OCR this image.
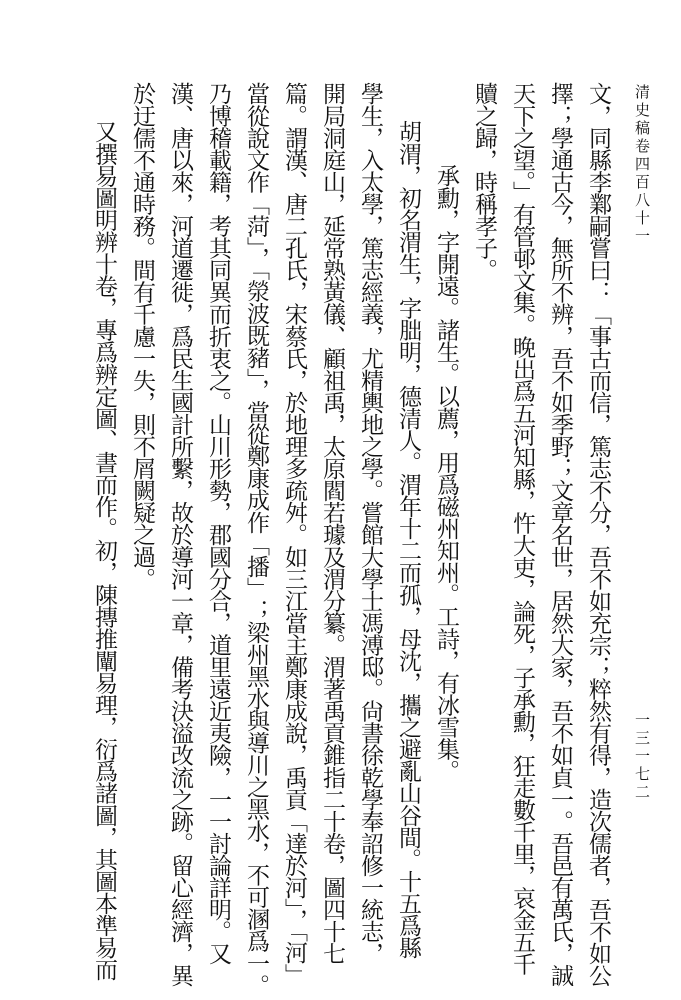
清史稿卷四百八十一
一三一七二
文，同縣李鄴嗣嘗曰：「事古而信，篤志不分，吾不如充宗；粹然有得，造次儒者，吾不如公
擇；學通古今，無所不辨，吾不如季野；文章名世，居然大家，吾不如貞一。吾邑有萬氏，誠
天下之望。」有管邨文集。晚出爲五河知縣，忤大吏，論死，子承勳，狂走數千里，哀金五千
贖之歸，時稱孝子。
承勳，字開遠。諸生。以薦，用爲磁州知州。工詩，有冰雪集。
胡渭，初名渭生，字朏明，德清人。渭年十二而孤，母沈，攜之避亂山谷間。十五爲縣
學生，入太學，篤志經義，尤精輿地之學。嘗館大學士馮溥邸。尙書徐乾學奉詔修一統志，
開局洞庭山，延常熟黃儀、顧祖禹，太原閻若璩及渭分纂。渭著禹貢錐指二十卷，圖四十七
篇。謂漢、唐二孔氏，宋蔡氏，於地理多疏舛。如三江當主鄭康成說，禹貢「達於河」，「河」
當從說文作「菏」，「滎波既豬」，當從鄭康成作「播」；梁州黑水與導川之黑水，不可溷爲一。
乃博稽載籍，考其同異而折衷之。山川形勢，郡國分合，道里遠近夷險，一一討論詳明。又
漢、唐以來，河道遷徙，爲民生國計所繫，故於導河一章，備考決溢改流之跡。留心經濟，異
於迂儒不通時務。間有千慮一失，則不屑闕疑之過。
又撰易圖明辨十卷，專爲辨定圖、書而作。初，陳摶推闡易理，衍爲諸圖，其圖本準易而
